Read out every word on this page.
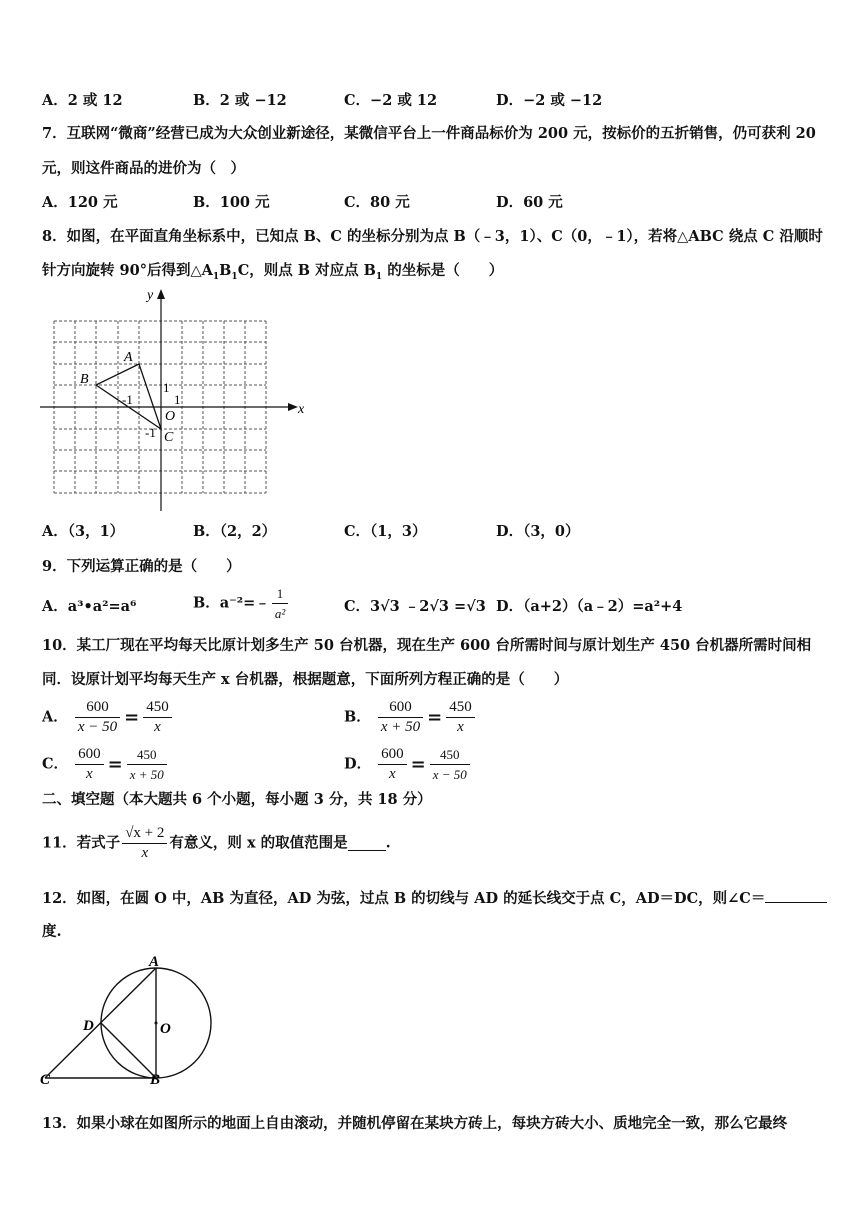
A．2 或 12	B．2 或 −12	C．−2 或 12	D．−2 或 −12
7．互联网“微商”经营已成为大众创业新途径，某微信平台上一件商品标价为 200 元，按标价的五折销售，仍可获利 20
元，则这件商品的进价为（　）
A．120 元	B．100 元	C．80 元	D．60 元
8．如图，在平面直角坐标系中，已知点 B、C 的坐标分别为点 B（﹣3，1）、C（0，﹣1），若将△ABC 绕点 C 沿顺时
针方向旋转 90°后得到$\triangle A_1B_1C$，则点 B 对应点 $B_1$ 的坐标是（　　）
y
x
A
B
C
O
1
-1	1
-1
A．（3，1）	B．（2，2）	C．（1，3）	D．（3，0）
9．下列运算正确的是（　　）
A．a³•a²=a⁶	B．a⁻²=﹣ $\frac{1}{\text{a²}}$	C．3√3 ﹣2√3 =√3 D．（a+2）（a﹣2）=a²+4
10．某工厂现在平均每天比原计划多生产 50 台机器，现在生产 600 台所需时间与原计划生产 450 台机器所需时间相
同．设原计划平均每天生产 x 台机器，根据题意，下面所列方程正确的是（　　）
A． $\frac{600}{x - 50} = \frac{450}{x}$	B． $\frac{600}{x + 50} = \frac{450}{x}$
C． $\frac{600}{x} = \frac{450}{x + 50}$	D． $\frac{600}{x} = \frac{450}{x - 50}$
二、填空题（本大题共 6 个小题，每小题 3 分，共 18 分）
11．若式子 $\frac{√x + 2}{x}$ 有意义，则 x 的取值范围是	.
12．如图，在圆 O 中，AB 为直径，AD 为弦，过点 B 的切线与 AD 的延长线交于点 C，AD＝DC，则∠C＝
度.
A
D	O
C	B
13．如果小球在如图所示的地面上自由滚动，并随机停留在某块方砖上，每块方砖大小、质地完全一致，那么它最终
